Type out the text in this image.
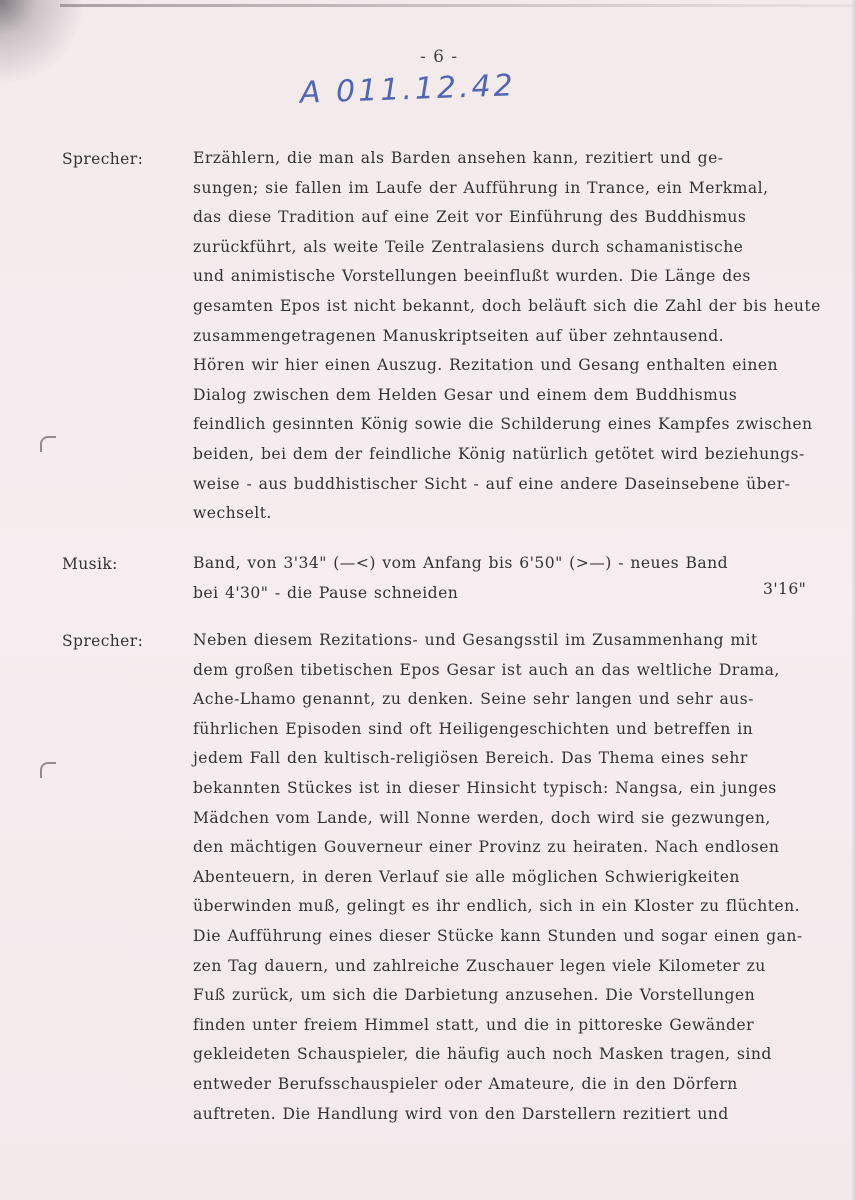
- 6 -
A 011.12.42
Sprecher:	Erzählern, die man als Barden ansehen kann, rezitiert und ge-
sungen; sie fallen im Laufe der Aufführung in Trance, ein Merkmal,
das diese Tradition auf eine Zeit vor Einführung des Buddhismus
zurückführt, als weite Teile Zentralasiens durch schamanistische
und animistische Vorstellungen beeinflußt wurden. Die Länge des
gesamten Epos ist nicht bekannt, doch beläuft sich die Zahl der bis heute
zusammengetragenen Manuskriptseiten auf über zehntausend.
Hören wir hier einen Auszug. Rezitation und Gesang enthalten einen
Dialog zwischen dem Helden Gesar und einem dem Buddhismus
feindlich gesinnten König sowie die Schilderung eines Kampfes zwischen
beiden, bei dem der feindliche König natürlich getötet wird beziehungs-
weise - aus buddhistischer Sicht - auf eine andere Daseinsebene über-
wechselt.
Musik:	Band, von 3'34" (—<) vom Anfang bis 6'50" (>—) - neues Band
bei 4'30" - die Pause schneiden	3'16"
Sprecher:	Neben diesem Rezitations- und Gesangsstil im Zusammenhang mit
dem großen tibetischen Epos Gesar ist auch an das weltliche Drama,
Ache-Lhamo genannt, zu denken. Seine sehr langen und sehr aus-
führlichen Episoden sind oft Heiligengeschichten und betreffen in
jedem Fall den kultisch-religiösen Bereich. Das Thema eines sehr
bekannten Stückes ist in dieser Hinsicht typisch: Nangsa, ein junges
Mädchen vom Lande, will Nonne werden, doch wird sie gezwungen,
den mächtigen Gouverneur einer Provinz zu heiraten. Nach endlosen
Abenteuern, in deren Verlauf sie alle möglichen Schwierigkeiten
überwinden muß, gelingt es ihr endlich, sich in ein Kloster zu flüchten.
Die Aufführung eines dieser Stücke kann Stunden und sogar einen gan-
zen Tag dauern, und zahlreiche Zuschauer legen viele Kilometer zu
Fuß zurück, um sich die Darbietung anzusehen. Die Vorstellungen
finden unter freiem Himmel statt, und die in pittoreske Gewänder
gekleideten Schauspieler, die häufig auch noch Masken tragen, sind
entweder Berufsschauspieler oder Amateure, die in den Dörfern
auftreten. Die Handlung wird von den Darstellern rezitiert und
